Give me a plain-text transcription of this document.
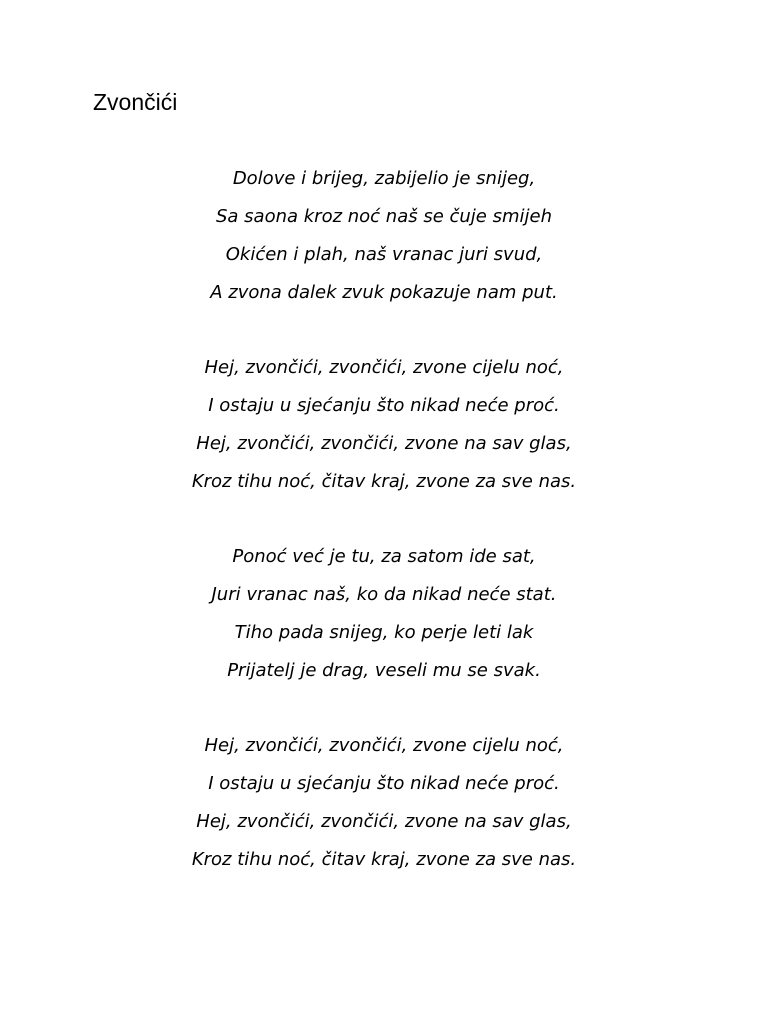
Zvončići
Dolove i brijeg, zabijelio je snijeg,
Sa saona kroz noć naš se čuje smijeh
Okićen i plah, naš vranac juri svud,
A zvona dalek zvuk pokazuje nam put.
Hej, zvončići, zvončići, zvone cijelu noć,
I ostaju u sjećanju što nikad neće proć.
Hej, zvončići, zvončići, zvone na sav glas,
Kroz tihu noć, čitav kraj, zvone za sve nas.
Ponoć već je tu, za satom ide sat,
Juri vranac naš, ko da nikad neće stat.
Tiho pada snijeg, ko perje leti lak
Prijatelj je drag, veseli mu se svak.
Hej, zvončići, zvončići, zvone cijelu noć,
I ostaju u sjećanju što nikad neće proć.
Hej, zvončići, zvončići, zvone na sav glas,
Kroz tihu noć, čitav kraj, zvone za sve nas.
